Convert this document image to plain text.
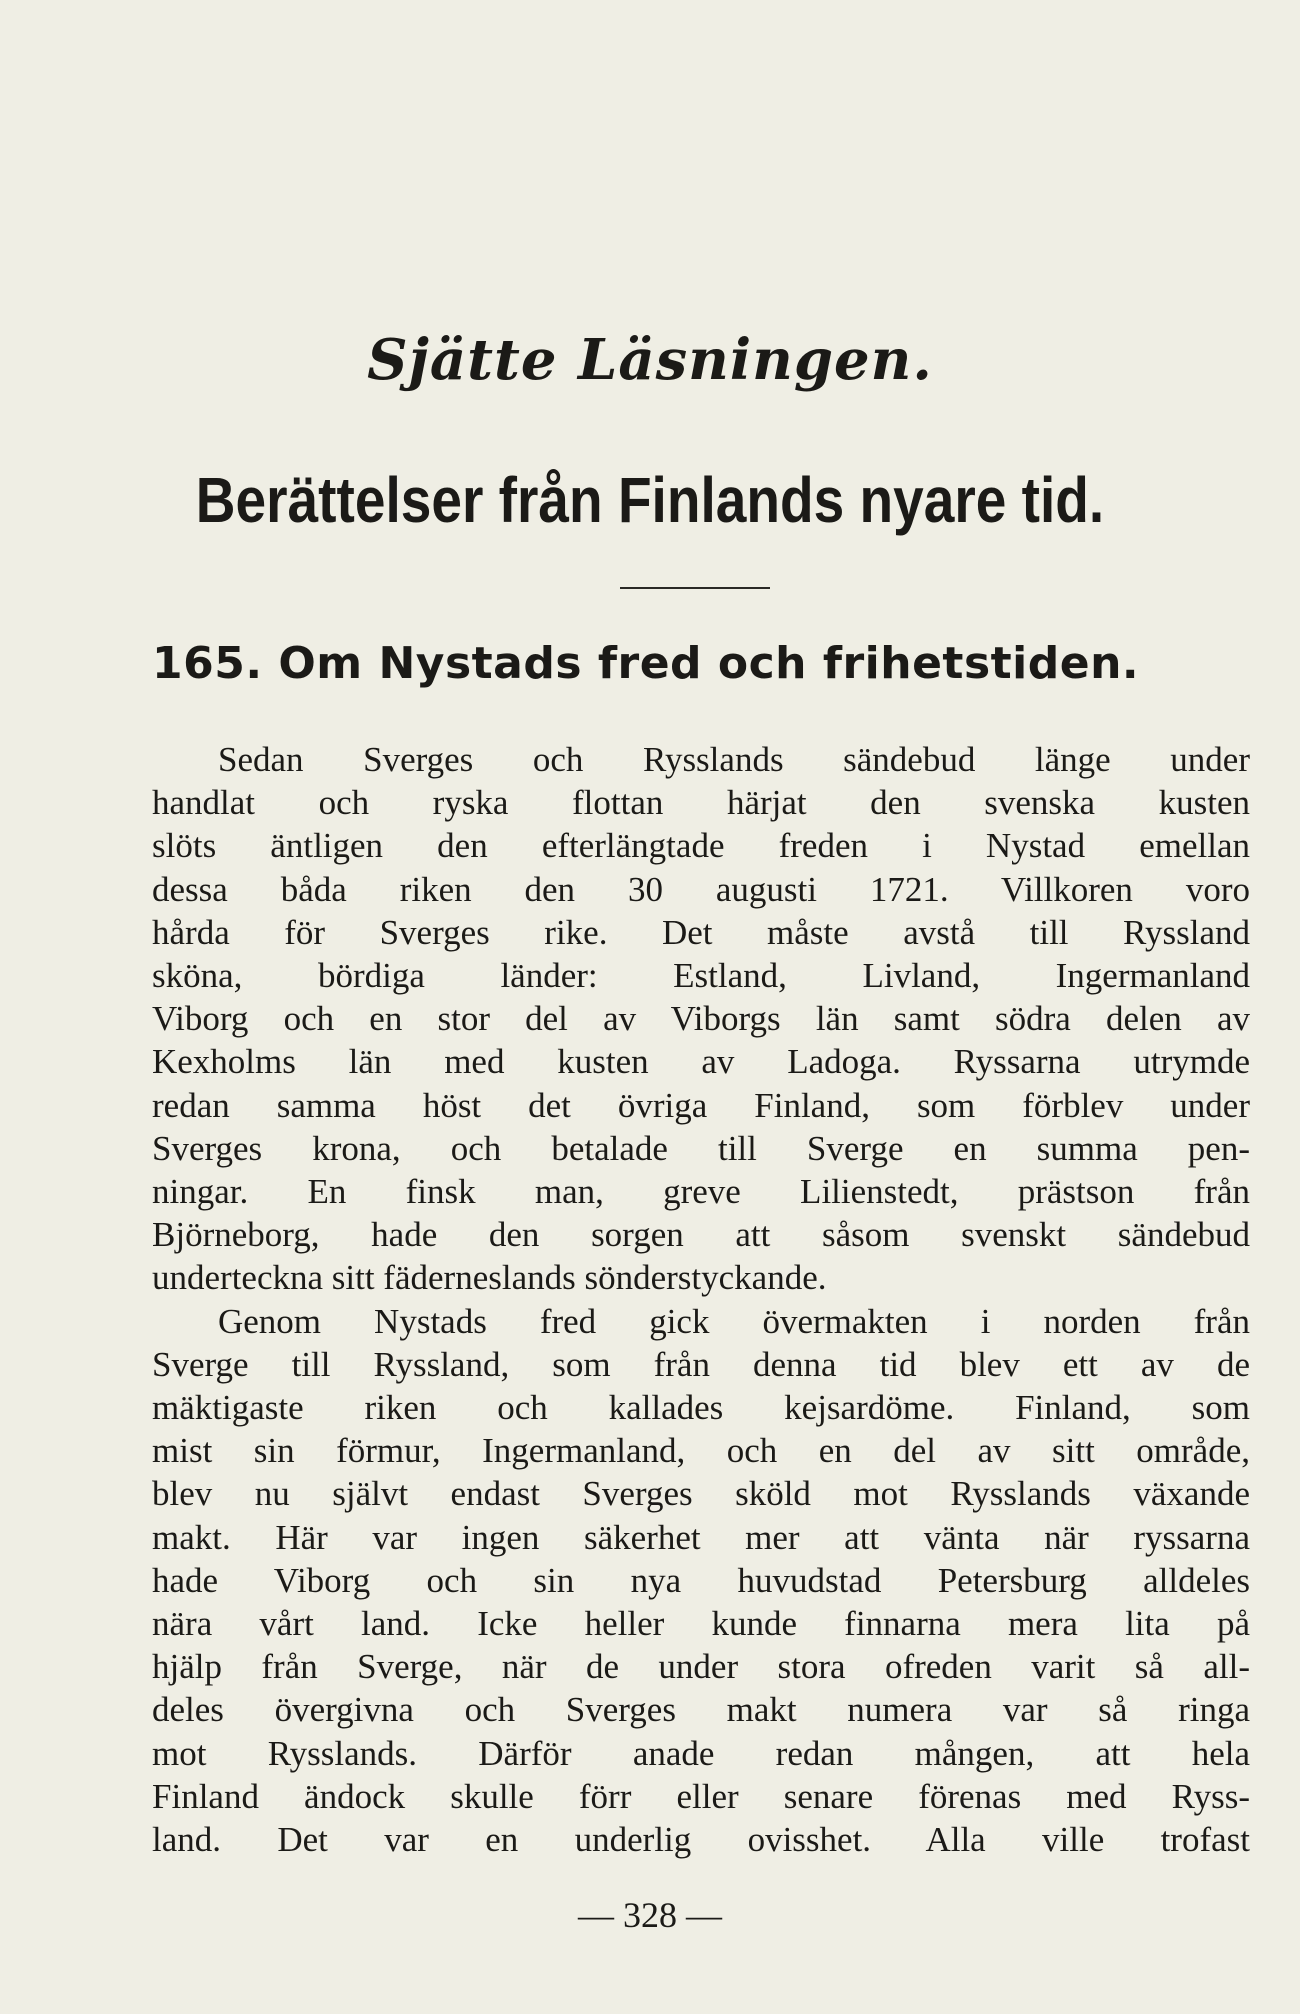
Sjätte Läsningen.
Berättelser från Finlands nyare tid.
165. Om Nystads fred och frihetstiden.
Sedan Sverges och Rysslands sändebud länge under
handlat och ryska flottan härjat den svenska kusten
slöts äntligen den efterlängtade freden i Nystad emellan
dessa båda riken den 30 augusti 1721. Villkoren voro
hårda för Sverges rike. Det måste avstå till Ryssland
sköna, bördiga länder: Estland, Livland, Ingermanland
Viborg och en stor del av Viborgs län samt södra delen av
Kexholms län med kusten av Ladoga. Ryssarna utrymde
redan samma höst det övriga Finland, som förblev under
Sverges krona, och betalade till Sverge en summa pen-
ningar. En finsk man, greve Lilienstedt, prästson från
Björneborg, hade den sorgen att såsom svenskt sändebud
underteckna sitt fäderneslands sönderstyckande.
Genom Nystads fred gick övermakten i norden från
Sverge till Ryssland, som från denna tid blev ett av de
mäktigaste riken och kallades kejsardöme. Finland, som
mist sin förmur, Ingermanland, och en del av sitt område,
blev nu självt endast Sverges sköld mot Rysslands växande
makt. Här var ingen säkerhet mer att vänta när ryssarna
hade Viborg och sin nya huvudstad Petersburg alldeles
nära vårt land. Icke heller kunde finnarna mera lita på
hjälp från Sverge, när de under stora ofreden varit så all-
deles övergivna och Sverges makt numera var så ringa
mot Rysslands. Därför anade redan mången, att hela
Finland ändock skulle förr eller senare förenas med Ryss-
land. Det var en underlig ovisshet. Alla ville trofast
— 328 —
